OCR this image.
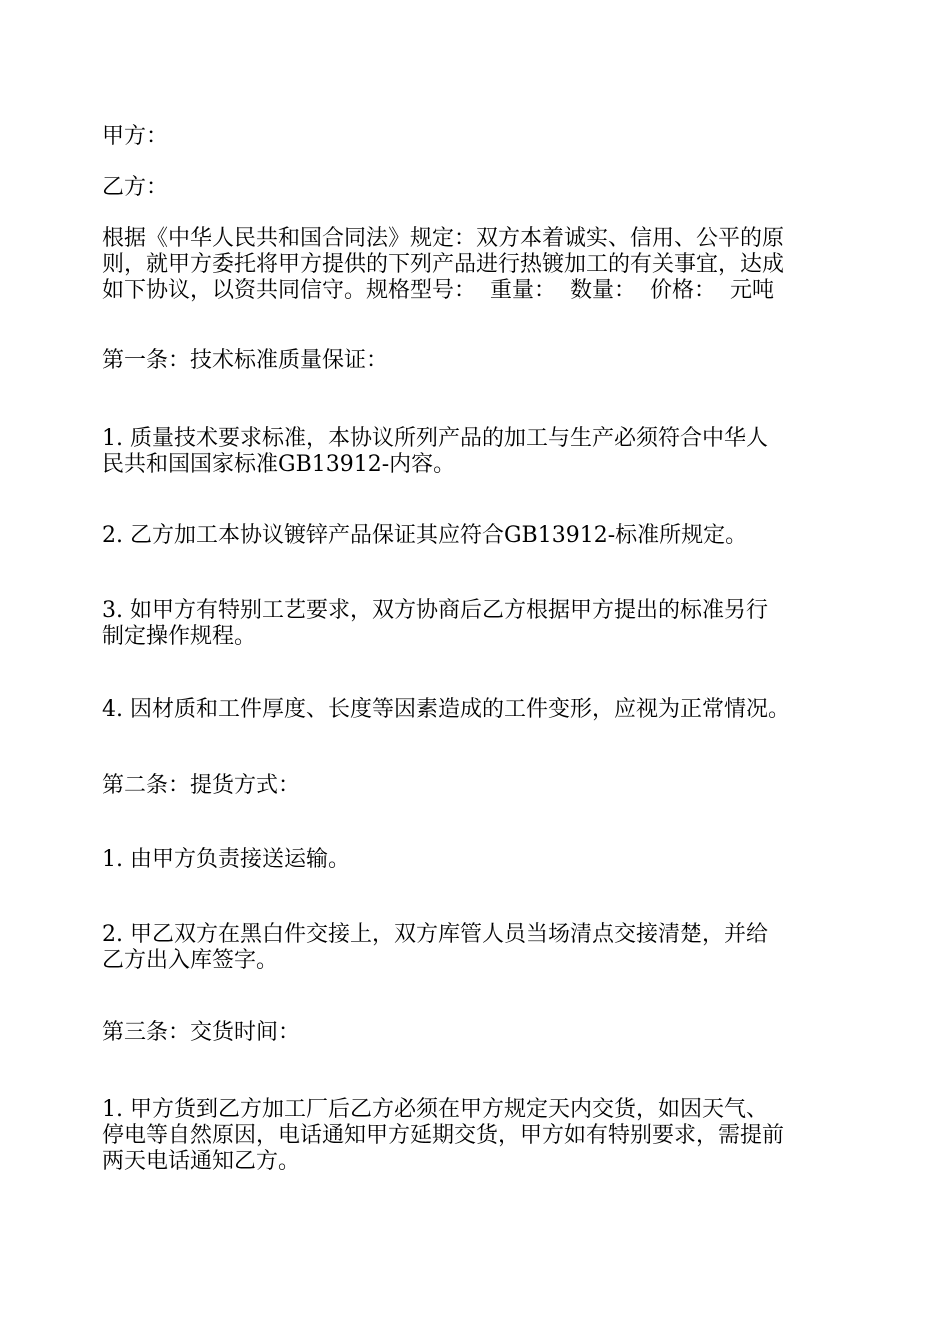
甲方：

乙方：

根据《中华人民共和国合同法》规定：双方本着诚实、信用、公平的原
则，就甲方委托将甲方提供的下列产品进行热镀加工的有关事宜，达成
如下协议，以资共同信守。规格型号：  重量：  数量：  价格：  元吨

第一条：技术标准质量保证：

1. 质量技术要求标准，本协议所列产品的加工与生产必须符合中华人
民共和国国家标准GB13912-内容。

2. 乙方加工本协议镀锌产品保证其应符合GB13912-标准所规定。

3. 如甲方有特别工艺要求，双方协商后乙方根据甲方提出的标准另行
制定操作规程。

4. 因材质和工件厚度、长度等因素造成的工件变形，应视为正常情况。

第二条：提货方式：

1. 由甲方负责接送运输。

2. 甲乙双方在黑白件交接上，双方库管人员当场清点交接清楚，并给
乙方出入库签字。

第三条：交货时间：

1. 甲方货到乙方加工厂后乙方必须在甲方规定天内交货，如因天气、
停电等自然原因，电话通知甲方延期交货，甲方如有特别要求，需提前
两天电话通知乙方。
